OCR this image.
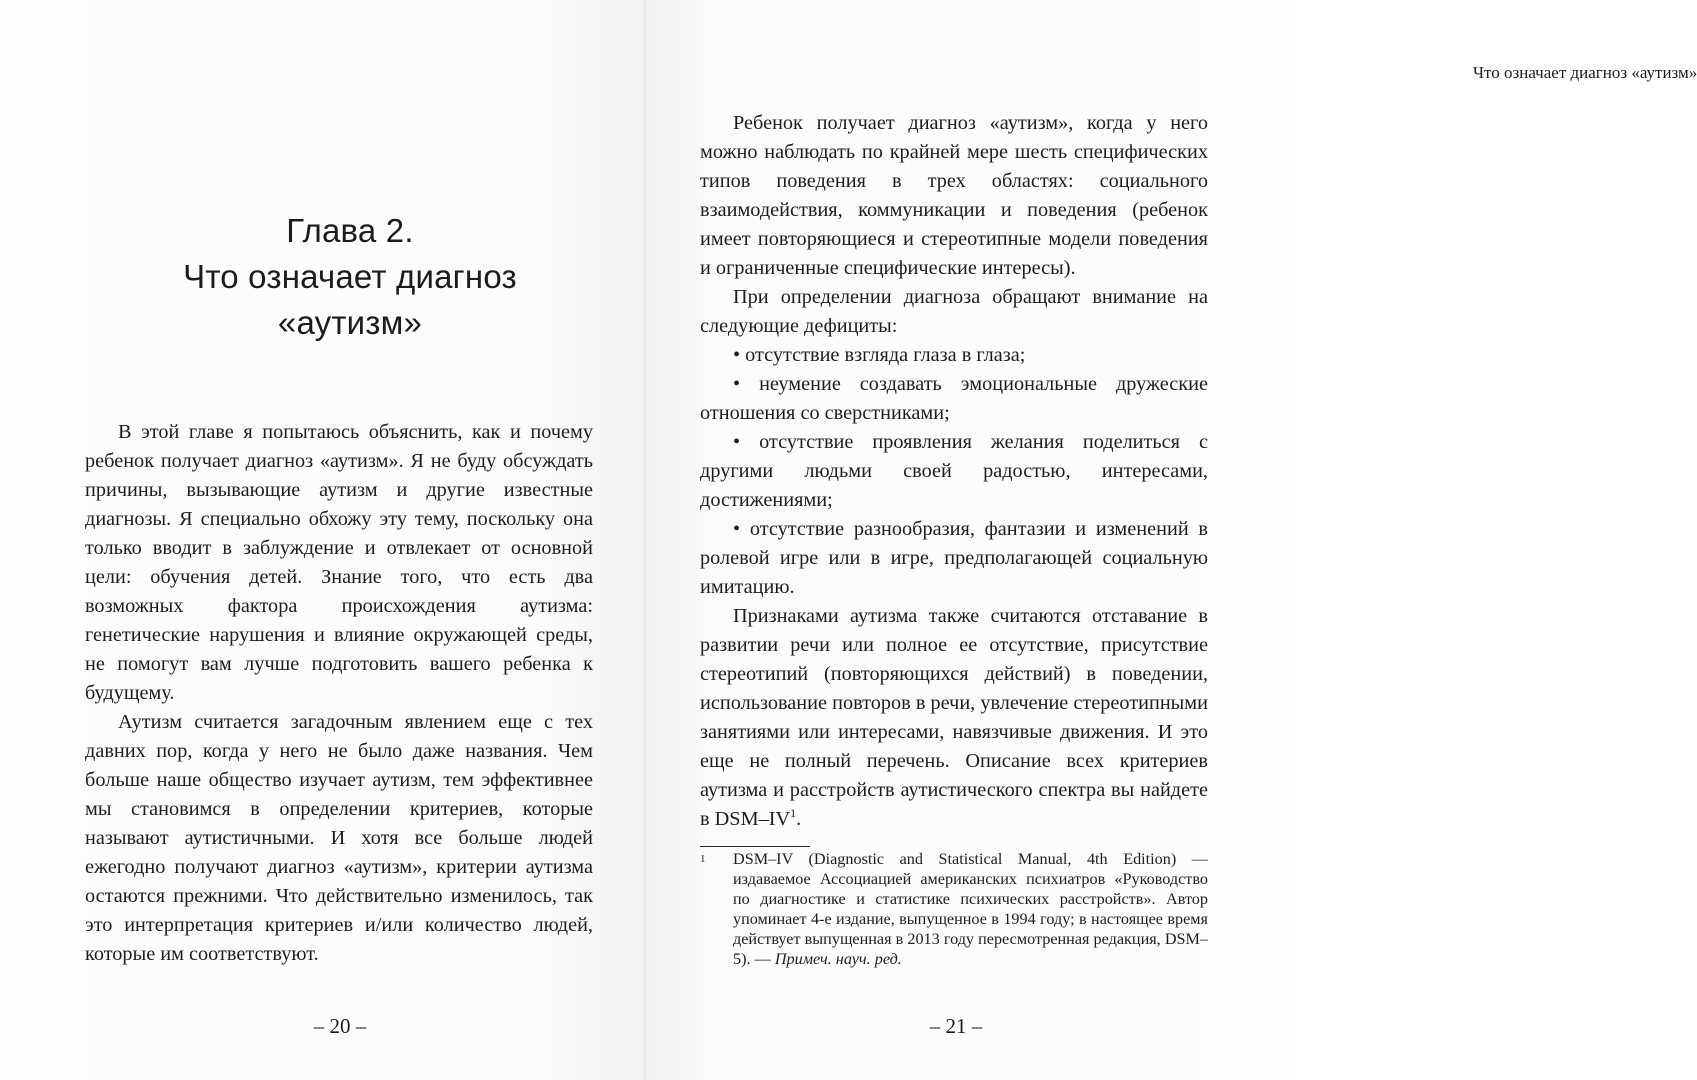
Глава 2.
Что означает диагноз
«аутизм»

В этой главе я попытаюсь объяснить, как и почему ребенок получает диагноз «аутизм». Я не буду обсуждать причины, вызывающие аутизм и другие известные диагнозы. Я специально обхожу эту тему, поскольку она только вводит в заблуждение и отвлекает от основной цели: обучения детей. Знание того, что есть два возможных фактора происхождения аутизма: генетические нарушения и влияние окружающей среды, не помогут вам лучше подготовить вашего ребенка к будущему.

Аутизм считается загадочным явлением еще с тех давних пор, когда у него не было даже названия. Чем больше наше общество изучает аутизм, тем эффективнее мы становимся в определении критериев, которые называют аутистичными. И хотя все больше людей ежегодно получают диагноз «аутизм», критерии аутизма остаются прежними. Что действительно изменилось, так это интерпретация критериев и/или количество людей, которые им соответствуют.

– 20 –
Что означает диагноз «аутизм»

Ребенок получает диагноз «аутизм», когда у него можно наблюдать по крайней мере шесть специфических типов поведения в трех областях: социального взаимодействия, коммуникации и поведения (ребенок имеет повторяющиеся и стереотипные модели поведения и ограниченные специфические интересы).

При определении диагноза обращают внимание на следующие дефициты:

• отсутствие взгляда глаза в глаза;

• неумение создавать эмоциональные дружеские отношения со сверстниками;

• отсутствие проявления желания поделиться с другими людьми своей радостью, интересами, достижениями;

• отсутствие разнообразия, фантазии и изменений в ролевой игре или в игре, предполагающей социальную имитацию.

Признаками аутизма также считаются отставание в развитии речи или полное ее отсутствие, присутствие стереотипий (повторяющихся действий) в поведении, использование повторов в речи, увлечение стереотипными занятиями или интересами, навязчивые движения. И это еще не полный перечень. Описание всех критериев аутизма и расстройств аутистического спектра вы найдете в DSM–IV$^1$.

1 DSM–IV (Diagnostic and Statistical Manual, 4th Edition) — издаваемое Ассоциацией американских психиатров «Руководство по диагностике и статистике психических расстройств». Автор упоминает 4-е издание, выпущенное в 1994 году; в настоящее время действует выпущенная в 2013 году пересмотренная редакция, DSM–5). — Примеч. науч. ред.
– 21 –
